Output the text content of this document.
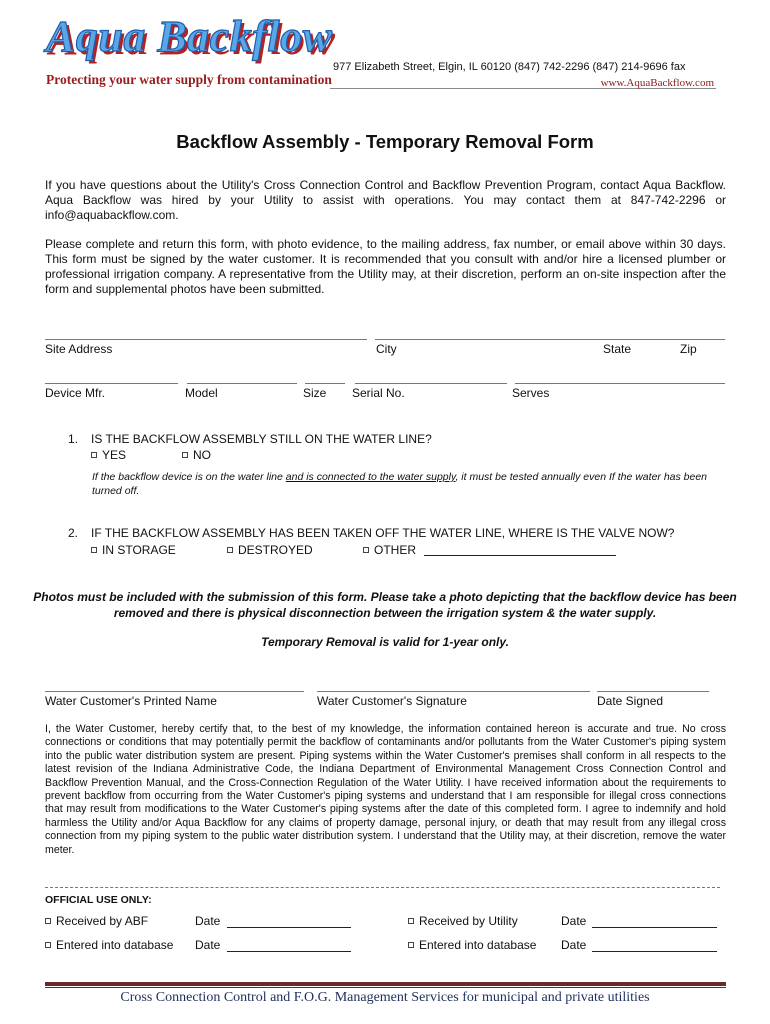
Aqua Backflow
Protecting your water supply from contamination
977 Elizabeth Street, Elgin, IL 60120 (847) 742-2296 (847) 214-9696 fax
www.AquaBackflow.com
Backflow Assembly - Temporary Removal Form
If you have questions about the Utility's Cross Connection Control and Backflow Prevention Program, contact Aqua Backflow. Aqua Backflow was hired by your Utility to assist with operations. You may contact them at 847-742-2296 or info@aquabackflow.com.
Please complete and return this form, with photo evidence, to the mailing address, fax number, or email above within 30 days. This form must be signed by the water customer. It is recommended that you consult with and/or hire a licensed plumber or professional irrigation company. A representative from the Utility may, at their discretion, perform an on-site inspection after the form and supplemental photos have been submitted.
Site Address	City	State	Zip
Device Mfr.	Model	Size Serial No.	Serves
1. IS THE BACKFLOW ASSEMBLY STILL ON THE WATER LINE?
YES	NO
If the backflow device is on the water line and is connected to the water supply, it must be tested annually even If the water has been turned off.
2. IF THE BACKFLOW ASSEMBLY HAS BEEN TAKEN OFF THE WATER LINE, WHERE IS THE VALVE NOW?
IN STORAGE	DESTROYED	OTHER
Photos must be included with the submission of this form. Please take a photo depicting that the backflow device has been removed and there is physical disconnection between the irrigation system & the water supply.
Temporary Removal is valid for 1-year only.
Water Customer's Printed Name	Water Customer's Signature	Date Signed
I, the Water Customer, hereby certify that, to the best of my knowledge, the information contained hereon is accurate and true. No cross connections or conditions that may potentially permit the backflow of contaminants and/or pollutants from the Water Customer's piping system into the public water distribution system are present. Piping systems within the Water Customer's premises shall conform in all respects to the latest revision of the Indiana Administrative Code, the Indiana Department of Environmental Management Cross Connection Control and Backflow Prevention Manual, and the Cross-Connection Regulation of the Water Utility. I have received information about the requirements to prevent backflow from occurring from the Water Customer's piping systems and understand that I am responsible for illegal cross connections that may result from modifications to the Water Customer's piping systems after the date of this completed form. I agree to indemnify and hold harmless the Utility and/or Aqua Backflow for any claims of property damage, personal injury, or death that may result from any illegal cross connection from my piping system to the public water distribution system. I understand that the Utility may, at their discretion, remove the water meter.
OFFICIAL USE ONLY:
Received by ABF	Date	Received by Utility	Date
Entered into database Date	Entered into database Date
Cross Connection Control and F.O.G. Management Services for municipal and private utilities
